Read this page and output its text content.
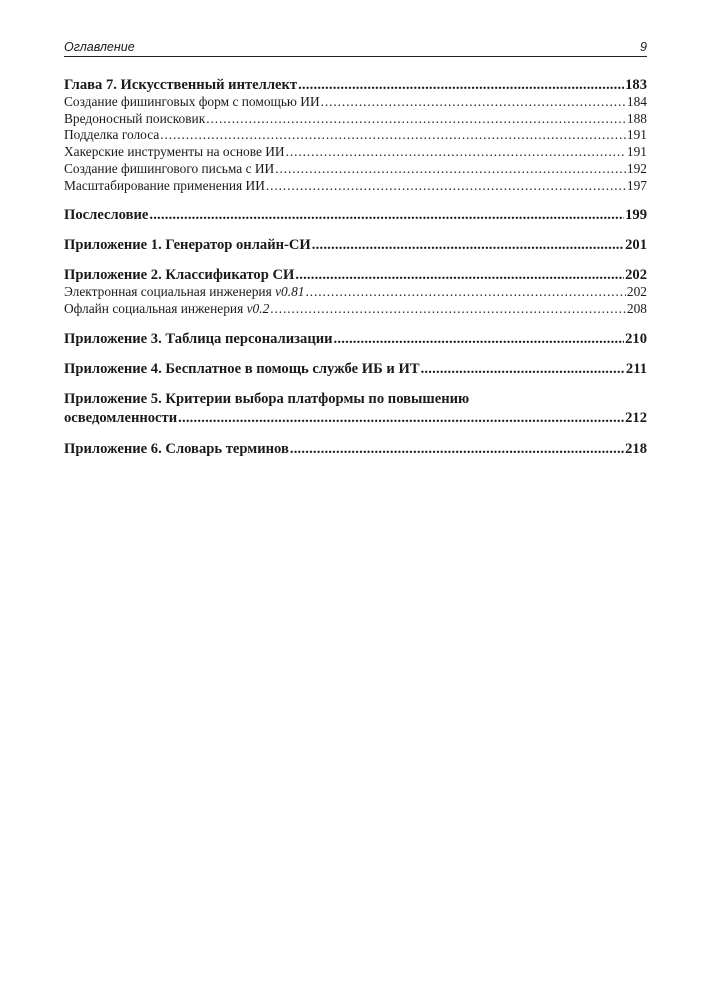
Оглавление	9
Глава 7. Искусственный интеллект .....	183
Создание фишинговых форм с помощью ИИ .....	184
Вредоносный поисковик .....	188
Подделка голоса .....	191
Хакерские инструменты на основе ИИ .....	191
Создание фишингового письма с ИИ .....	192
Масштабирование применения ИИ .....	197
Послесловие .....	199
Приложение 1. Генератор онлайн-СИ .....	201
Приложение 2. Классификатор СИ .....	202
Электронная социальная инженерия v0.81 .....	202
Офлайн социальная инженерия v0.2 .....	208
Приложение 3. Таблица персонализации .....	210
Приложение 4. Бесплатное в помощь службе ИБ и ИТ .....	211
Приложение 5. Критерии выбора платформы по повышению
осведомленности .....	212
Приложение 6. Словарь терминов .....	218
